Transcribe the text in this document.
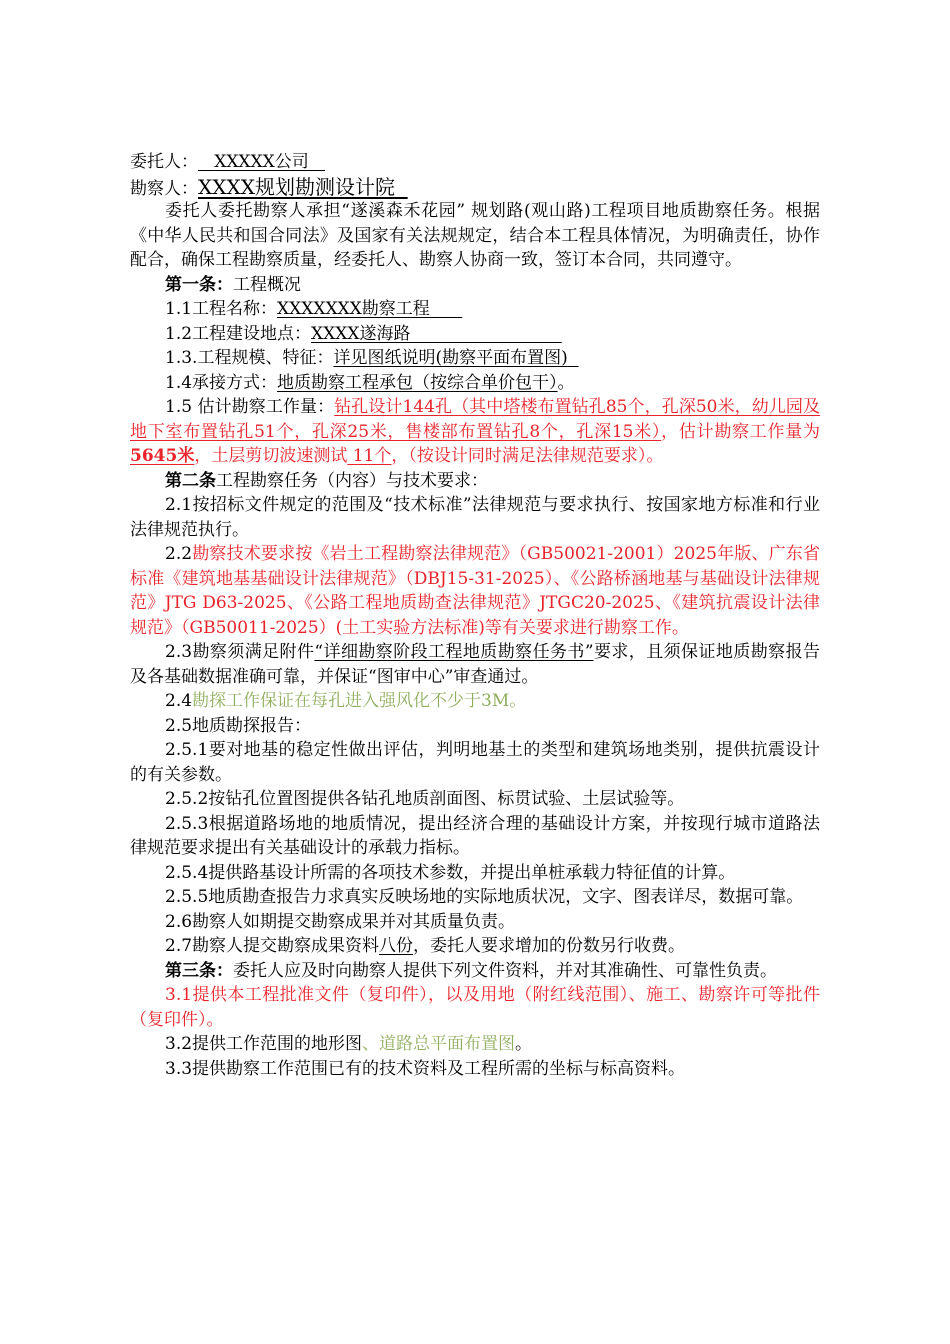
委托人： XXXXX公司
勘察人：XXXX规划勘测设计院
委托人委托勘察人承担“遂溪森禾花园” 规划路(观山路)工程项目地质勘察任务。根据《中华人民共和国合同法》及国家有关法规规定，结合本工程具体情况，为明确责任，协作配合，确保工程勘察质量，经委托人、勘察人协商一致，签订本合同，共同遵守。
第一条：工程概况
1.1工程名称：XXXXXXX勘察工程
1.2工程建设地点：XXXX遂海路
1.3.工程规模、特征：详见图纸说明(勘察平面布置图)
1.4承接方式：地质勘察工程承包（按综合单价包干）。
1.5 估计勘察工作量：钻孔设计144孔（其中塔楼布置钻孔85个，孔深50米，幼儿园及地下室布置钻孔51个，孔深25米，售楼部布置钻孔8个，孔深15米），估计勘察工作量为5645米，土层剪切波速测试 11个，（按设计同时满足法律规范要求）。
第二条工程勘察任务（内容）与技术要求：
2.1按招标文件规定的范围及“技术标准”法律规范与要求执行、按国家地方标准和行业法律规范执行。
2.2勘察技术要求按《岩土工程勘察法律规范》（GB50021-2001）2025年版、广东省标准《建筑地基基础设计法律规范》（DBJ15-31-2025）、《公路桥涵地基与基础设计法律规范》JTG D63-2025、《公路工程地质勘查法律规范》JTGC20-2025、《建筑抗震设计法律规范》（GB50011-2025）(土工实验方法标准)等有关要求进行勘察工作。
2.3勘察须满足附件“详细勘察阶段工程地质勘察任务书”要求，且须保证地质勘察报告及各基础数据准确可靠，并保证“图审中心”审查通过。
2.4勘探工作保证在每孔进入强风化不少于3M。
2.5地质勘探报告：
2.5.1要对地基的稳定性做出评估，判明地基土的类型和建筑场地类别，提供抗震设计的有关参数。
2.5.2按钻孔位置图提供各钻孔地质剖面图、标贯试验、土层试验等。
2.5.3根据道路场地的地质情况，提出经济合理的基础设计方案，并按现行城市道路法律规范要求提出有关基础设计的承载力指标。
2.5.4提供路基设计所需的各项技术参数，并提出单桩承载力特征值的计算。
2.5.5地质勘查报告力求真实反映场地的实际地质状况，文字、图表详尽，数据可靠。
2.6勘察人如期提交勘察成果并对其质量负责。
2.7勘察人提交勘察成果资料八份，委托人要求增加的份数另行收费。
第三条：委托人应及时向勘察人提供下列文件资料，并对其准确性、可靠性负责。
3.1提供本工程批准文件（复印件），以及用地（附红线范围）、施工、勘察许可等批件（复印件）。
3.2提供工作范围的地形图、道路总平面布置图。
3.3提供勘察工作范围已有的技术资料及工程所需的坐标与标高资料。
